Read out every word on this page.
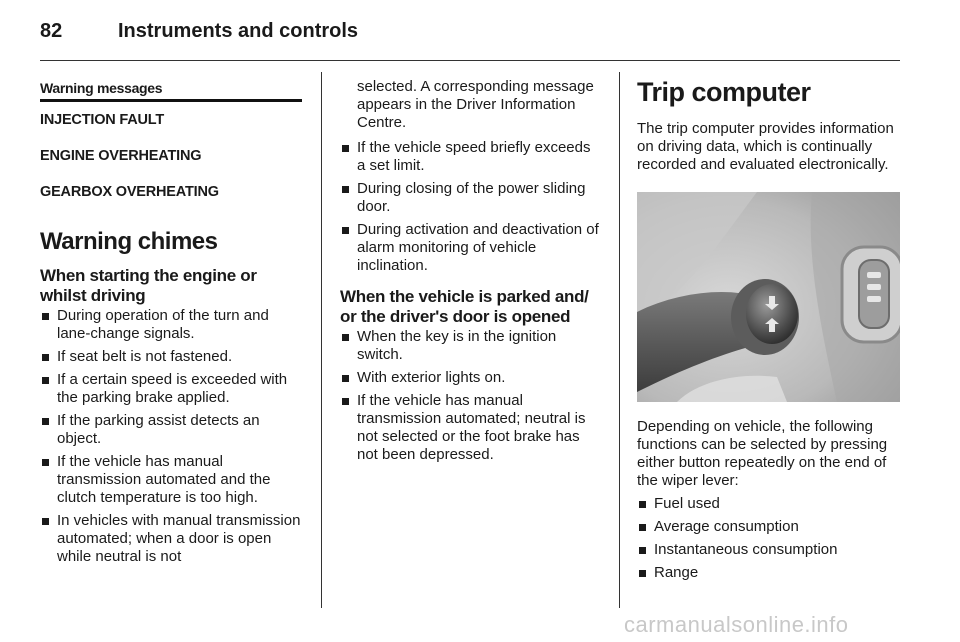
82	Instruments and controls
Warning messages

INJECTION FAULT

ENGINE OVERHEATING

GEARBOX OVERHEATING

Warning chimes
When starting the engine or whilst driving
During operation of the turn and lane-change signals.
If seat belt is not fastened.
If a certain speed is exceeded with the parking brake applied.
If the parking assist detects an object.
If the vehicle has manual transmission automated and the clutch temperature is too high.
In vehicles with manual transmission automated; when a door is open while neutral is not

selected. A corresponding message appears in the Driver Information Centre.

If the vehicle speed briefly exceeds a set limit.
During closing of the power sliding door.
During activation and deactivation of alarm monitoring of vehicle inclination.
When the vehicle is parked and/ or the driver's door is opened
When the key is in the ignition switch.
With exterior lights on.
If the vehicle has manual transmission automated; neutral is not selected or the foot brake has not been depressed.
Trip computer

The trip computer provides information on driving data, which is continually recorded and evaluated electronically.

Depending on vehicle, the following functions can be selected by pressing either button repeatedly on the end of the wiper lever:

Fuel used
Average consumption
Instantaneous consumption
Range
carmanualsonline.info
